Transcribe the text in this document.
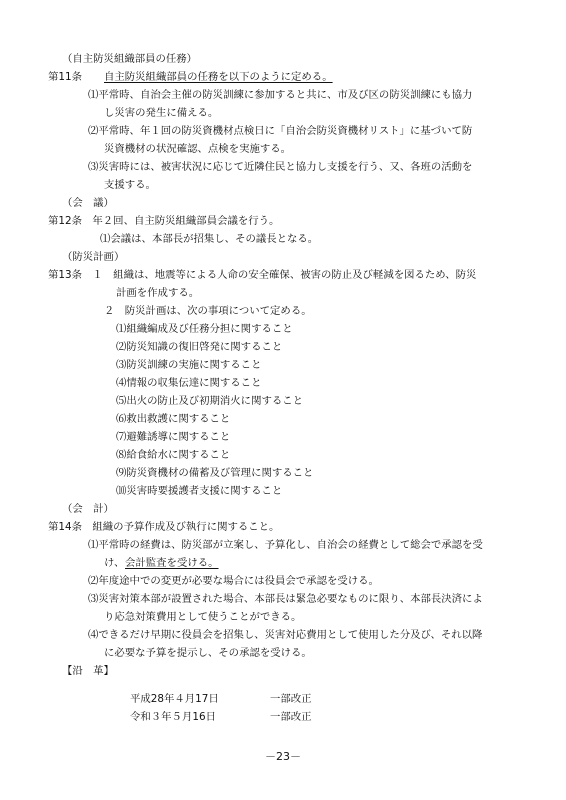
（自主防災組織部員の任務）
第11条　 自主防災組織部員の任務を以下のように定める。
⑴平常時、自治会主催の防災訓練に参加すると共に、市及び区の防災訓練にも協力
し災害の発生に備える。
⑵平常時、年１回の防災資機材点検日に「自治会防災資機材リスト」に基づいて防
災資機材の状況確認、点検を実施する。
⑶災害時には、被害状況に応じて近隣住民と協力し支援を行う、又、各班の活動を
支援する。
（会　議）
第12条　年２回、自主防災組織部員会議を行う。
⑴会議は、本部長が招集し、その議長となる。
（防災計画）
第13条　１　組織は、地震等による人命の安全確保、被害の防止及び軽減を図るため、防災
計画を作成する。
２　防災計画は、次の事項について定める。
⑴組織編成及び任務分担に関すること
⑵防災知識の復旧啓発に関すること
⑶防災訓練の実施に関すること
⑷情報の収集伝達に関すること
⑸出火の防止及び初期消火に関すること
⑹救出救護に関すること
⑺避難誘導に関すること
⑻給食給水に関すること
⑼防災資機材の備蓄及び管理に関すること
⑽災害時要援護者支援に関すること
（会　計）
第14条　組織の予算作成及び執行に関すること。
⑴平常時の経費は、防災部が立案し、予算化し、自治会の経費として総会で承認を受
け、 会計監査を受ける。
⑵年度途中での変更が必要な場合には役員会で承認を受ける。
⑶災害対策本部が設置された場合、本部長は緊急必要なものに限り、本部長決済によ
り応急対策費用として使うことができる。
⑷できるだけ早期に役員会を招集し、災害対応費用として使用した分及び、それ以降
に必要な予算を提示し、その承認を受ける。
【沿　革】
平成28年４月17日	一部改正
令和３年５月16日	一部改正
－23－
